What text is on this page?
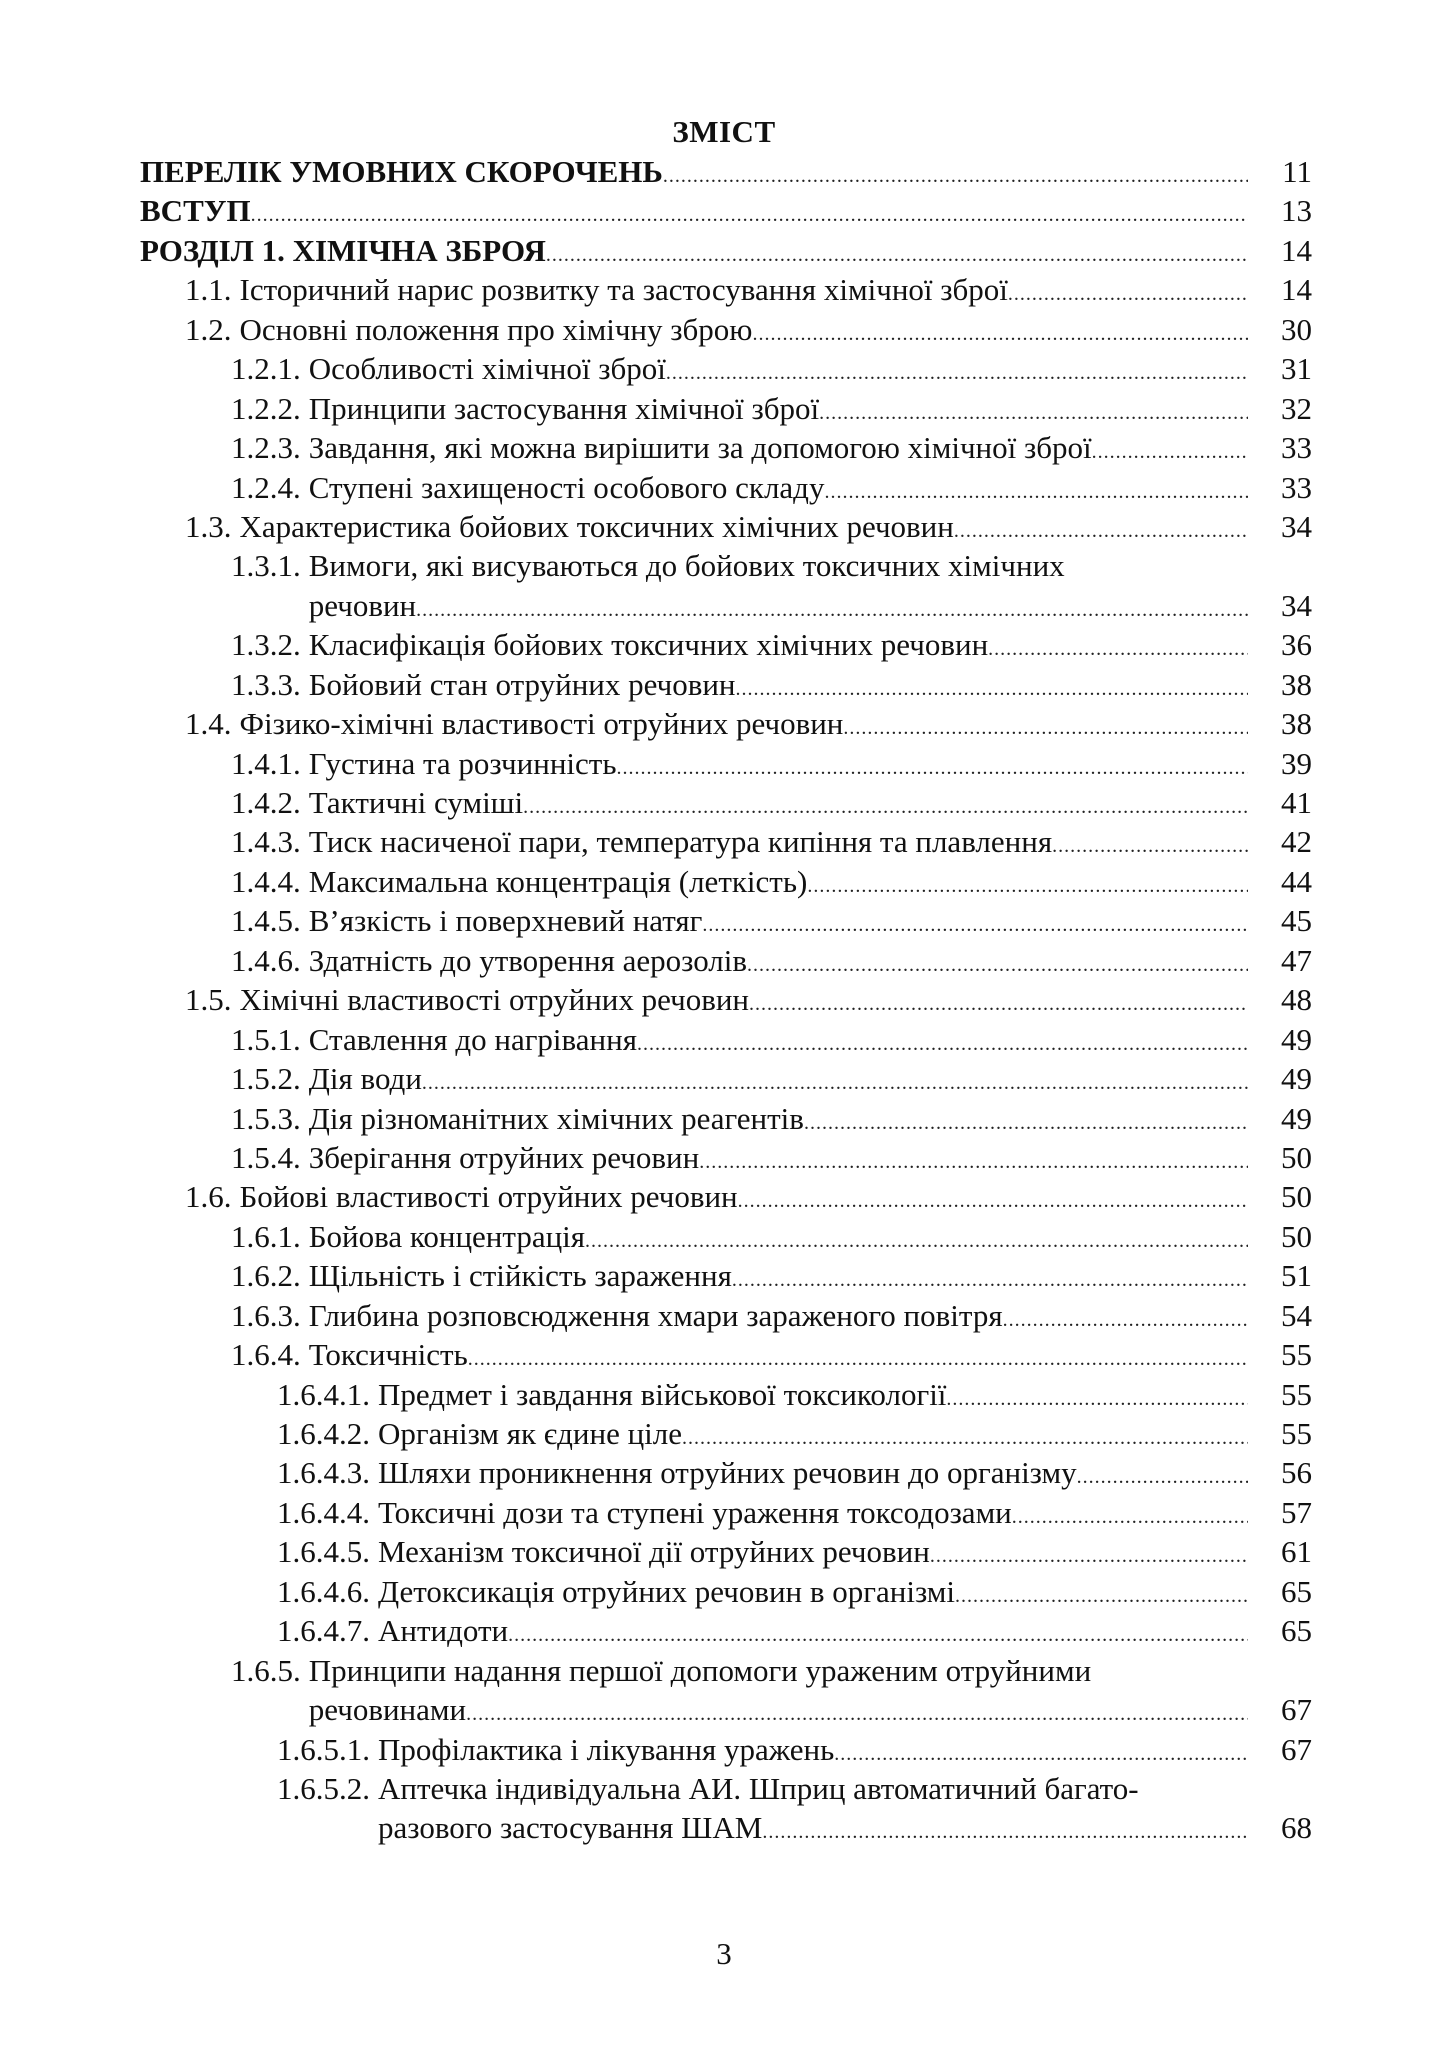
ЗМІСТ
ПЕРЕЛІК УМОВНИХ СКОРОЧЕНЬ .....	11
ВСТУП .....	13
РОЗДІЛ 1. ХІМІЧНА ЗБРОЯ .....	14
1.1. Історичний нарис розвитку та застосування хімічної зброї .....	14
1.2. Основні положення про хімічну зброю .....	30
1.2.1. Особливості хімічної зброї .....	31
1.2.2. Принципи застосування хімічної зброї .....	32
1.2.3. Завдання, які можна вирішити за допомогою хімічної зброї .....	33
1.2.4. Ступені захищеності особового складу .....	33
1.3. Характеристика бойових токсичних хімічних речовин .....	34
1.3.1. Вимоги, які висуваються до бойових токсичних хімічних
речовин .....	34
1.3.2. Класифікація бойових токсичних хімічних речовин .....	36
1.3.3. Бойовий стан отруйних речовин .....	38
1.4. Фізико-хімічні властивості отруйних речовин .....	38
1.4.1. Густина та розчинність .....	39
1.4.2. Тактичні суміші .....	41
1.4.3. Тиск насиченої пари, температура кипіння та плавлення .....	42
1.4.4. Максимальна концентрація (леткість) .....	44
1.4.5. В’язкість і поверхневий натяг .....	45
1.4.6. Здатність до утворення аерозолів .....	47
1.5. Хімічні властивості отруйних речовин .....	48
1.5.1. Ставлення до нагрівання .....	49
1.5.2. Дія води .....	49
1.5.3. Дія різноманітних хімічних реагентів .....	49
1.5.4. Зберігання отруйних речовин .....	50
1.6. Бойові властивості отруйних речовин .....	50
1.6.1. Бойова концентрація .....	50
1.6.2. Щільність і стійкість зараження .....	51
1.6.3. Глибина розповсюдження хмари зараженого повітря .....	54
1.6.4. Токсичність .....	55
1.6.4.1. Предмет і завдання військової токсикології .....	55
1.6.4.2. Організм як єдине ціле .....	55
1.6.4.3. Шляхи проникнення отруйних речовин до організму .....	56
1.6.4.4. Токсичні дози та ступені ураження токсодозами .....	57
1.6.4.5. Механізм токсичної дії отруйних речовин .....	61
1.6.4.6. Детоксикація отруйних речовин в організмі .....	65
1.6.4.7. Антидоти .....	65
1.6.5. Принципи надання першої допомоги ураженим отруйними
речовинами .....	67
1.6.5.1. Профілактика і лікування уражень .....	67
1.6.5.2. Аптечка індивідуальна АИ. Шприц автоматичний багато-
разового застосування ШАМ .....	68
3
